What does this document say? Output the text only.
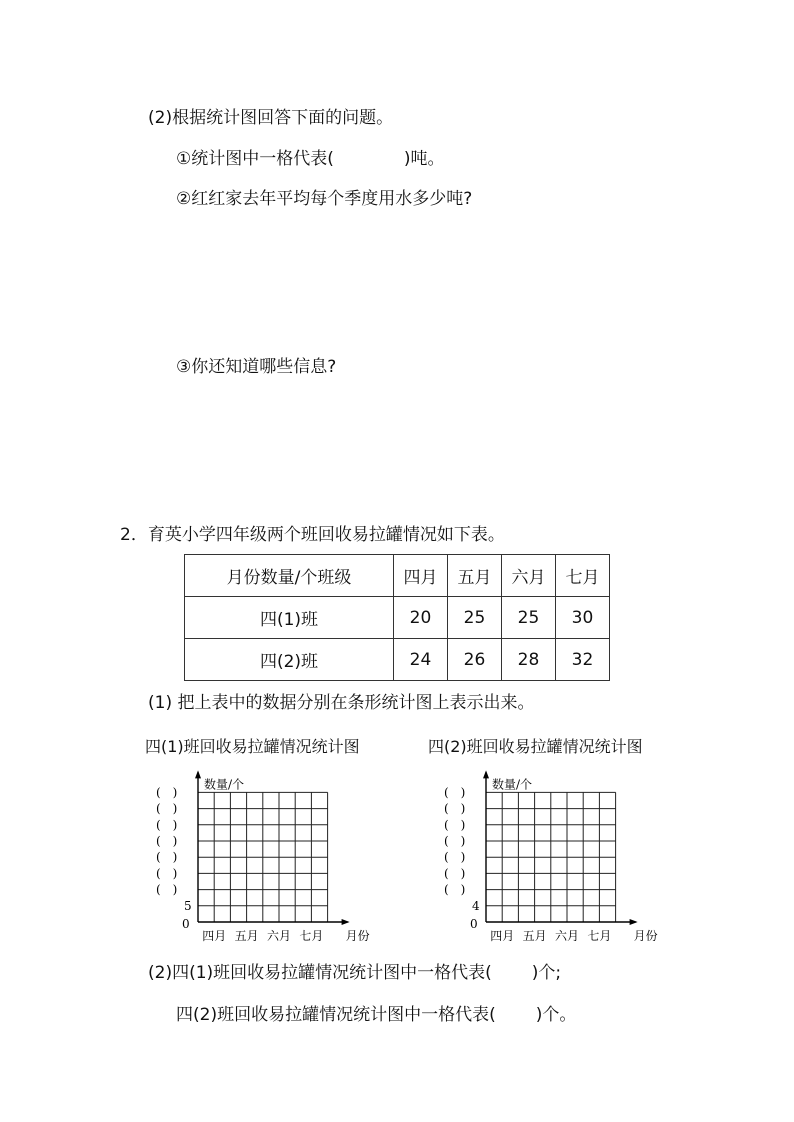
(2)根据统计图回答下面的问题。
①统计图中一格代表(	)吨。
②红红家去年平均每个季度用水多少吨?
③你还知道哪些信息?
2．育英小学四年级两个班回收易拉罐情况如下表。
月份数量/个班级	四月	五月	六月	七月
四(1)班	20	25	25	30
四(2)班	24	26	28	32
(1) 把上表中的数据分别在条形统计图上表示出来。
四(1)班回收易拉罐情况统计图	四(2)班回收易拉罐情况统计图
数量/个
0
5
(　)
(　)
(　)
(　)
(　)
(　)
(　)
四月 五月 六月 七月 月份
数量/个
0
4
(　)
(　)
(　)
(　)
(　)
(　)
(　)
四月 五月 六月 七月 月份
(2)四(1)班回收易拉罐情况统计图中一格代表( )个;
四(2)班回收易拉罐情况统计图中一格代表( )个。
